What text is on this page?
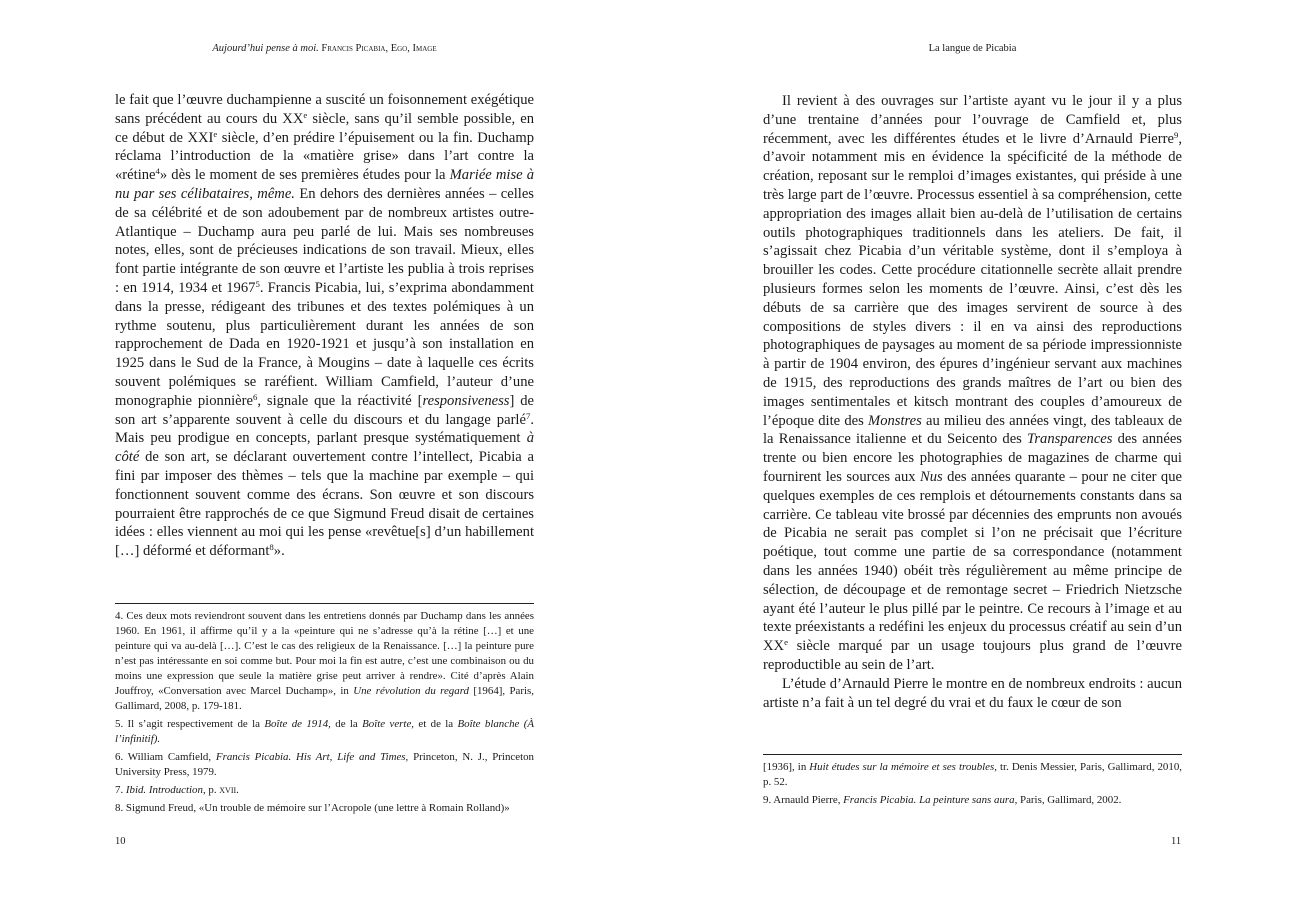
Aujourd’hui pense à moi. Francis Picabia, Ego, Image

le fait que l’œuvre duchampienne a suscité un foisonnement exégétique sans précédent au cours du XXe siècle, sans qu’il semble possible, en ce début de XXIe siècle, d’en prédire l’épuisement ou la fin. Duchamp réclama l’introduction de la «matière grise» dans l’art contre la «rétine$^4$» dès le moment de ses premières études pour la Mariée mise à nu par ses célibataires, même. En dehors des dernières années – celles de sa célébrité et de son adoubement par de nombreux artistes outre-Atlantique – Duchamp aura peu parlé de lui. Mais ses nombreuses notes, elles, sont de précieuses indications de son travail. Mieux, elles font partie intégrante de son œuvre et l’artiste les publia à trois reprises : en 1914, 1934 et 1967$^5$. Francis Picabia, lui, s’exprima abondamment dans la presse, rédigeant des tribunes et des textes polémiques à un rythme soutenu, plus particulièrement durant les années de son rapprochement de Dada en 1920-1921 et jusqu’à son installation en 1925 dans le Sud de la France, à Mougins – date à laquelle ces écrits souvent polémiques se raréfient. William Camfield, l’auteur d’une monographie pionnière$^6$, signale que la réactivité [responsiveness] de son art s’apparente souvent à celle du discours et du langage parlé$^7$. Mais peu prodigue en concepts, parlant presque systématiquement à côté de son art, se déclarant ouvertement contre l’intellect, Picabia a fini par imposer des thèmes – tels que la machine par exemple – qui fonctionnent souvent comme des écrans. Son œuvre et son discours pourraient être rapprochés de ce que Sigmund Freud disait de certaines idées : elles viennent au moi qui les pense «revêtue[s] d’un habillement […] déformé et déformant$^8$».

4. Ces deux mots reviendront souvent dans les entretiens donnés par Duchamp dans les années 1960. En 1961, il affirme qu’il y a la «peinture qui ne s’adresse qu’à la rétine […] et une peinture qui va au-delà […]. C’est le cas des religieux de la Renaissance. […] la peinture pure n’est pas intéressante en soi comme but. Pour moi la fin est autre, c’est une combinaison ou du moins une expression que seule la matière grise peut arriver à rendre». Cité d’après Alain Jouffroy, «Conversation avec Marcel Duchamp», in Une révolution du regard [1964], Paris, Gallimard, 2008, p. 179-181.

5. Il s’agit respectivement de la Boîte de 1914, de la Boîte verte, et de la Boîte blanche (À l’infinitif).

6. William Camfield, Francis Picabia. His Art, Life and Times, Princeton, N. J., Princeton University Press, 1979.

7. Ibid. Introduction, p. xvii.

8. Sigmund Freud, «Un trouble de mémoire sur l’Acropole (une lettre à Romain Rolland)»

10
La langue de Picabia

Il revient à des ouvrages sur l’artiste ayant vu le jour il y a plus d’une trentaine d’années pour l’ouvrage de Camfield et, plus récemment, avec les différentes études et le livre d’Arnauld Pierre$^9$, d’avoir notamment mis en évidence la spécificité de la méthode de création, reposant sur le remploi d’images existantes, qui préside à une très large part de l’œuvre. Processus essentiel à sa compréhension, cette appropriation des images allait bien au-delà de l’utilisation de certains outils photographiques traditionnels dans les ateliers. De fait, il s’agissait chez Picabia d’un véritable système, dont il s’employa à brouiller les codes. Cette procédure citationnelle secrète allait prendre plusieurs formes selon les moments de l’œuvre. Ainsi, c’est dès les débuts de sa carrière que des images servirent de source à des compositions de styles divers : il en va ainsi des reproductions photographiques de paysages au moment de sa période impressionniste à partir de 1904 environ, des épures d’ingénieur servant aux machines de 1915, des reproductions des grands maîtres de l’art ou bien des images sentimentales et kitsch montrant des couples d’amoureux de l’époque dite des Monstres au milieu des années vingt, des tableaux de la Renaissance italienne et du Seicento des Transparences des années trente ou bien encore les photographies de magazines de charme qui fournirent les sources aux Nus des années quarante – pour ne citer que quelques exemples de ces remplois et détournements constants dans sa carrière. Ce tableau vite brossé par décennies des emprunts non avoués de Picabia ne serait pas complet si l’on ne précisait que l’écriture poétique, tout comme une partie de sa correspondance (notamment dans les années 1940) obéit très régulièrement au même principe de sélection, de découpage et de remontage secret – Friedrich Nietzsche ayant été l’auteur le plus pillé par le peintre. Ce recours à l’image et au texte préexistants a redéfini les enjeux du processus créatif au sein d’un XXe siècle marqué par un usage toujours plus grand de l’œuvre reproductible au sein de l’art.

L’étude d’Arnauld Pierre le montre en de nombreux endroits : aucun artiste n’a fait à un tel degré du vrai et du faux le cœur de son

[1936], in Huit études sur la mémoire et ses troubles, tr. Denis Messier, Paris, Gallimard, 2010, p. 52.

9. Arnauld Pierre, Francis Picabia. La peinture sans aura, Paris, Gallimard, 2002.

11
